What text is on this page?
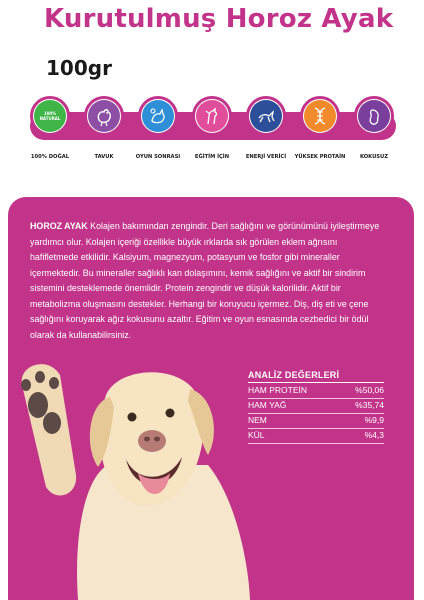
Kurutulmuş Horoz Ayak
100gr
100% NATURAL
100% DOĞAL	TAVUK	OYUN SONRASI	EĞİTİM İÇİN	ENERJİ VERİCİ	YÜKSEK PROTAİN	KOKUSUZ
HOROZ AYAK Kolajen bakımından zengindir. Deri sağlığını ve görünümünü iyileştirmeye yardımcı olur. Kolajen içeriği özellikle büyük ırklarda sık görülen eklem ağrısını hafifletmede etkilidir. Kalsiyum, magnezyum, potasyum ve fosfor gibi mineraller içermektedir. Bu mineraller sağlıklı kan dolaşımını, kemik sağlığını ve aktif bir sindirim sistemini desteklemede önemlidir. Protein zengindir ve düşük kalorilidir. Aktif bir metabolizma oluşmasını destekler. Herhangi bir koruyucu içermez. Diş, diş eti ve çene sağlığını koruyarak ağız kokusunu azaltır. Eğitim ve oyun esnasında cezbedici bir ödül olarak da kullanabilirsiniz.
ANALİZ DEĞERLERİ
HAM PROTEİN	%50,06
HAM YAĞ	%35,74
NEM	%9,9
KÜL	%4,3
